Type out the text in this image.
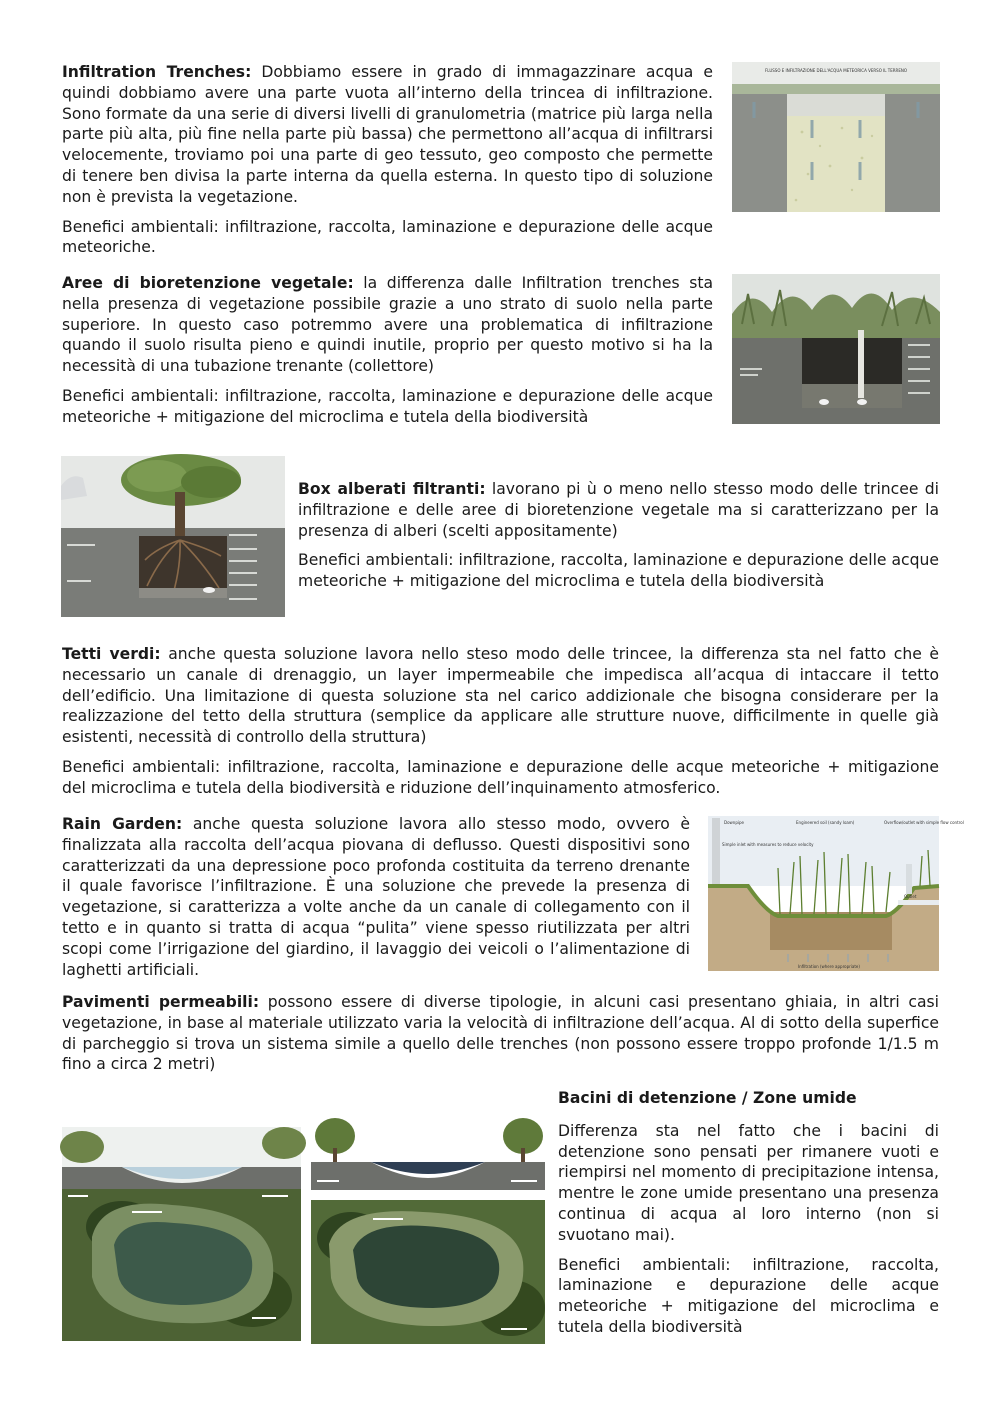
Infiltration Trenches: Dobbiamo essere in grado di immagazzinare acqua e quindi dobbiamo avere una parte vuota all’interno della trincea di infiltrazione. Sono formate da una serie di diversi livelli di granulometria (matrice più larga nella parte più alta, più fine nella parte più bassa) che permettono all’acqua di infiltrarsi velocemente, troviamo poi una parte di geo tessuto, geo composto che permette di tenere ben divisa la parte interna da quella esterna. In questo tipo di soluzione non è prevista la vegetazione.

Benefici ambientali: infiltrazione, raccolta, laminazione e depurazione delle acque meteoriche.

Aree di bioretenzione vegetale: la differenza dalle Infiltration trenches sta nella presenza di vegetazione possibile grazie a uno strato di suolo nella parte superiore. In questo caso potremmo avere una problematica di infiltrazione quando il suolo risulta pieno e quindi inutile, proprio per questo motivo si ha la necessità di una tubazione trenante (collettore)

Benefici ambientali: infiltrazione, raccolta, laminazione e depurazione delle acque meteoriche + mitigazione del microclima e tutela della biodiversità

Box alberati filtranti: lavorano pi ù o meno nello stesso modo delle trincee di infiltrazione e delle aree di bioretenzione vegetale ma si caratterizzano per la presenza di alberi (scelti appositamente)

Benefici ambientali: infiltrazione, raccolta, laminazione e depurazione delle acque meteoriche + mitigazione del microclima e tutela della biodiversità

Tetti verdi: anche questa soluzione lavora nello steso modo delle trincee, la differenza sta nel fatto che è necessario un canale di drenaggio, un layer impermeabile che impedisca all’acqua di intaccare il tetto dell’edificio. Una limitazione di questa soluzione sta nel carico addizionale che bisogna considerare per la realizzazione del tetto della struttura (semplice da applicare alle strutture nuove, difficilmente in quelle già esistenti, necessità di controllo della struttura)

Benefici ambientali: infiltrazione, raccolta, laminazione e depurazione delle acque meteoriche + mitigazione del microclima e tutela della biodiversità e riduzione dell’inquinamento atmosferico.

Rain Garden: anche questa soluzione lavora allo stesso modo, ovvero è finalizzata alla raccolta dell’acqua piovana di deflusso. Questi dispositivi sono caratterizzati da una depressione poco profonda costituita da terreno drenante il quale favorisce l’infiltrazione. È una soluzione che prevede la presenza di vegetazione, si caratterizza a volte anche da un canale di collegamento con il tetto e in quanto si tratta di acqua “pulita” viene spesso riutilizzata per altri scopi come l’irrigazione del giardino, il lavaggio dei veicoli o l’alimentazione di laghetti artificiali.

Pavimenti permeabili: possono essere di diverse tipologie, in alcuni casi presentano ghiaia, in altri casi vegetazione, in base al materiale utilizzato varia la velocità di infiltrazione dell’acqua. Al di sotto della superfice di parcheggio si trova un sistema simile a quello delle trenches (non possono essere troppo profonde 1/1.5 m fino a circa 2 metri)

Bacini di detenzione / Zone umide

Differenza sta nel fatto che i bacini di detenzione sono pensati per rimanere vuoti e riempirsi nel momento di precipitazione intensa, mentre le zone umide presentano una presenza continua di acqua al loro interno (non si svuotano mai).

Benefici ambientali: infiltrazione, raccolta, laminazione e depurazione delle acque meteoriche + mitigazione del microclima e tutela della biodiversità

FLUSSO E INFILTRAZIONE DELL'ACQUA METEORICA VERSO IL TERRENO
Downpipe	Engineered soil (sandy loam)	Overflow/outlet with simple flow control
Simple inlet with measures to reduce velocity
Outlet
Infiltration (where appropriate)
